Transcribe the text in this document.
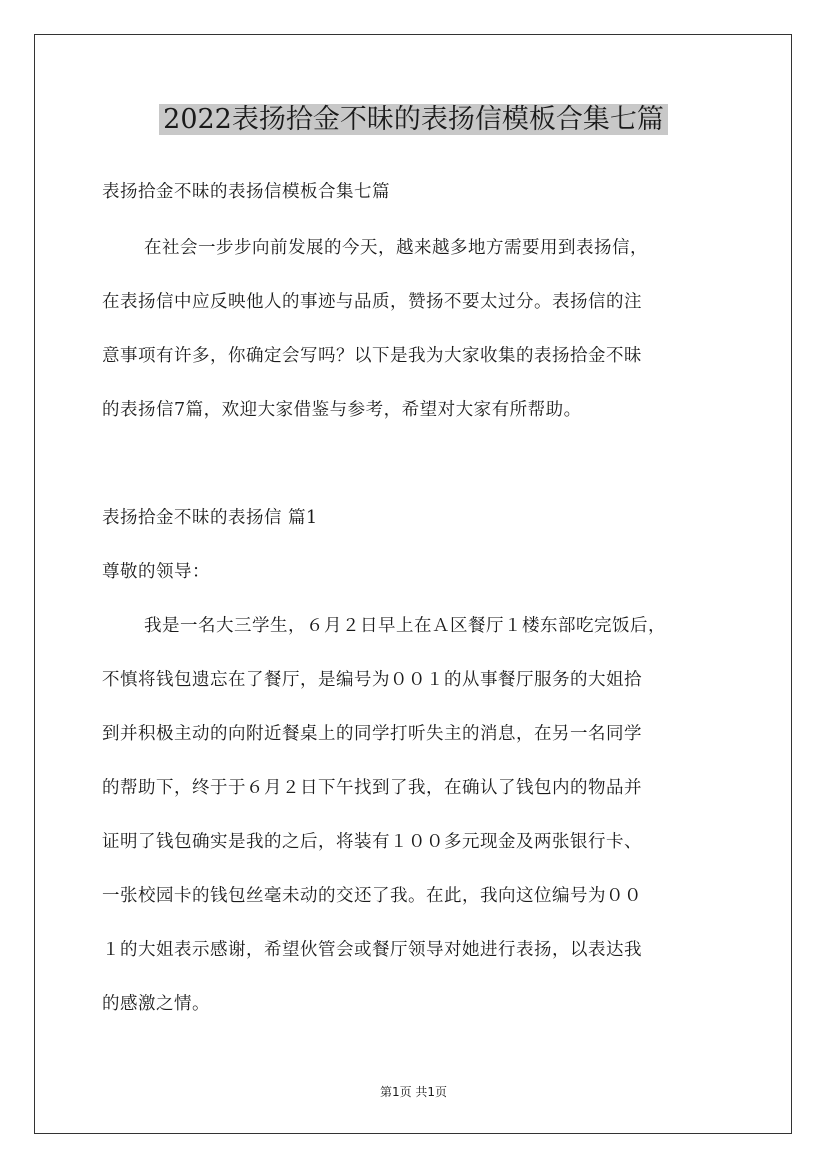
2022表扬拾金不昧的表扬信模板合集七篇
表扬拾金不昧的表扬信模板合集七篇
在社会一步步向前发展的今天，越来越多地方需要用到表扬信，
在表扬信中应反映他人的事迹与品质，赞扬不要太过分。表扬信的注
意事项有许多，你确定会写吗？以下是我为大家收集的表扬拾金不昧
的表扬信7篇，欢迎大家借鉴与参考，希望对大家有所帮助。
表扬拾金不昧的表扬信 篇1
尊敬的领导：
我是一名大三学生，６月２日早上在Ａ区餐厅１楼东部吃完饭后，
不慎将钱包遗忘在了餐厅，是编号为００１的从事餐厅服务的大姐拾
到并积极主动的向附近餐桌上的同学打听失主的消息，在另一名同学
的帮助下，终于于６月２日下午找到了我，在确认了钱包内的物品并
证明了钱包确实是我的之后，将装有１００多元现金及两张银行卡、
一张校园卡的钱包丝毫未动的交还了我。在此，我向这位编号为００
１的大姐表示感谢，希望伙管会或餐厅领导对她进行表扬，以表达我
的感激之情。
第1页 共1页
